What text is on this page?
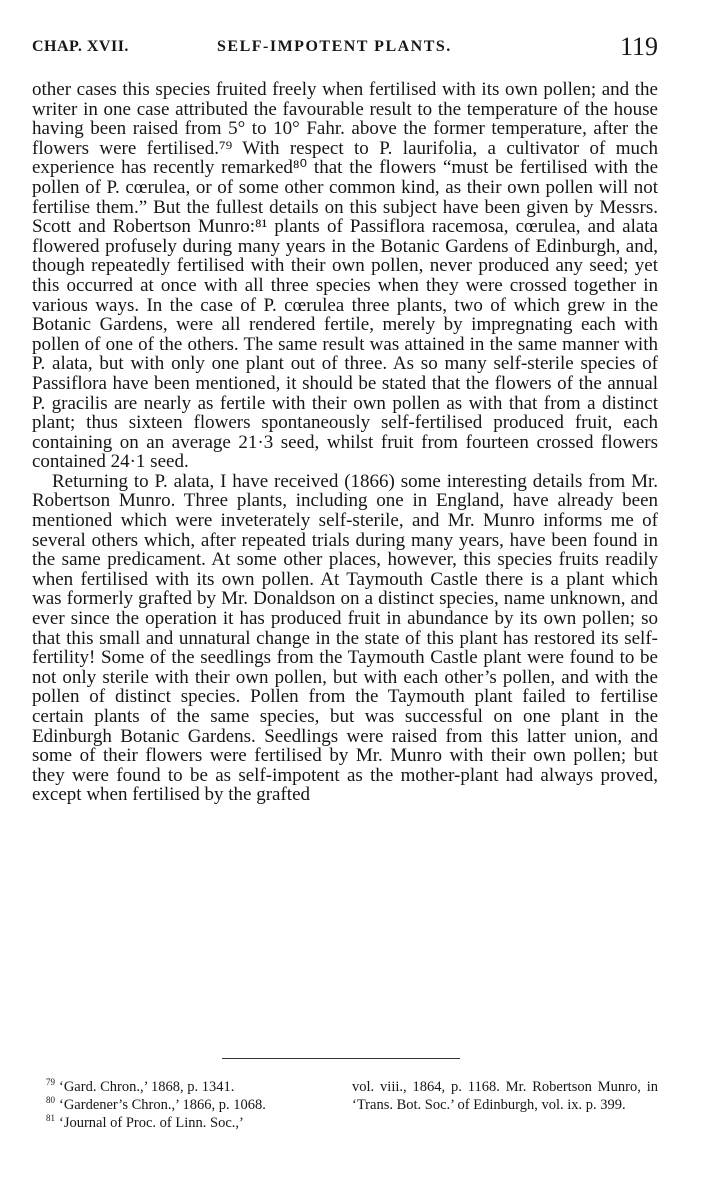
CHAP. XVII.	SELF-IMPOTENT PLANTS.	119

other cases this species fruited freely when fertilised with its own pollen; and the writer in one case attributed the favourable result to the temperature of the house having been raised from 5° to 10° Fahr. above the former temperature, after the flowers were fertilised.⁷⁹ With respect to P. laurifolia, a cultivator of much experience has recently remarked⁸⁰ that the flowers “must be fertilised with the pollen of P. cœrulea, or of some other common kind, as their own pollen will not fertilise them.” But the fullest details on this subject have been given by Messrs. Scott and Robertson Munro:⁸¹ plants of Passiflora racemosa, cœrulea, and alata flowered profusely during many years in the Botanic Gardens of Edinburgh, and, though repeatedly fertilised with their own pollen, never produced any seed; yet this occurred at once with all three species when they were crossed together in various ways. In the case of P. cœrulea three plants, two of which grew in the Botanic Gardens, were all rendered fertile, merely by impregnating each with pollen of one of the others. The same result was attained in the same manner with P. alata, but with only one plant out of three. As so many self-sterile species of Passiflora have been mentioned, it should be stated that the flowers of the annual P. gracilis are nearly as fertile with their own pollen as with that from a distinct plant; thus sixteen flowers spontaneously self-fertilised produced fruit, each containing on an average 21·3 seed, whilst fruit from fourteen crossed flowers contained 24·1 seed.

Returning to P. alata, I have received (1866) some interesting details from Mr. Robertson Munro. Three plants, including one in England, have already been mentioned which were inveterately self-sterile, and Mr. Munro informs me of several others which, after repeated trials during many years, have been found in the same predicament. At some other places, however, this species fruits readily when fertilised with its own pollen. At Taymouth Castle there is a plant which was formerly grafted by Mr. Donaldson on a distinct species, name unknown, and ever since the operation it has produced fruit in abundance by its own pollen; so that this small and unnatural change in the state of this plant has restored its self-fertility! Some of the seedlings from the Taymouth Castle plant were found to be not only sterile with their own pollen, but with each other’s pollen, and with the pollen of distinct species. Pollen from the Taymouth plant failed to fertilise certain plants of the same species, but was successful on one plant in the Edinburgh Botanic Gardens. Seedlings were raised from this latter union, and some of their flowers were fertilised by Mr. Munro with their own pollen; but they were found to be as self-impotent as the mother-plant had always proved, except when fertilised by the grafted

$^{79}$ ‘Gard. Chron.,’ 1868, p. 1341.

$^{80}$ ‘Gardener’s Chron.,’ 1866, p. 1068.

$^{81}$ ‘Journal of Proc. of Linn. Soc.,’

vol. viii., 1864, p. 1168. Mr. Robertson Munro, in ‘Trans. Bot. Soc.’ of Edinburgh, vol. ix. p. 399.
